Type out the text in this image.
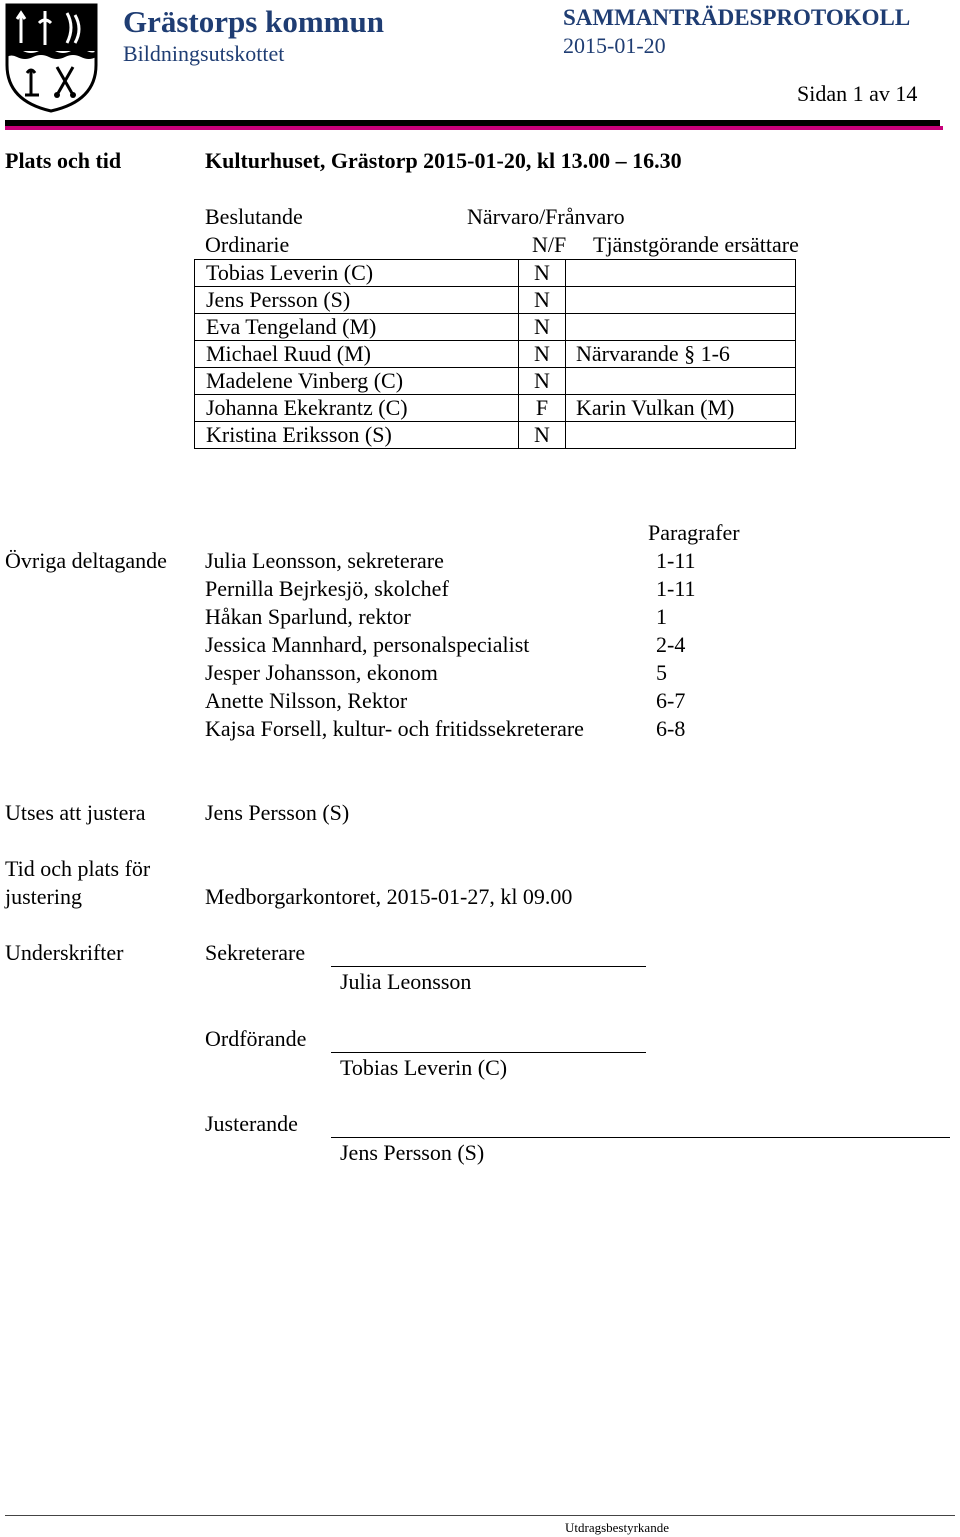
Grästorps kommun
Bildningsutskottet
SAMMANTRÄDESPROTOKOLL
2015-01-20
Sidan 1 av 14
Plats och tid	Kulturhuset, Grästorp 2015-01-20, kl 13.00 – 16.30
Beslutande	Närvaro/Frånvaro
Ordinarie	N/F Tjänstgörande ersättare
Tobias Leverin (C)	N	
Jens Persson (S)	N	
Eva Tengeland (M)	N	
Michael Ruud (M)	N	Närvarande § 1-6
Madelene Vinberg (C)	N	
Johanna Ekekrantz (C)	F	Karin Vulkan (M)
Kristina Eriksson (S)	N	
Paragrafer
Övriga deltagande Julia Leonsson, sekreterare	1-11
Pernilla Bejrkesjö, skolchef	1-11
Håkan Sparlund, rektor	1
Jessica Mannhard, personalspecialist	2-4
Jesper Johansson, ekonom	5
Anette Nilsson, Rektor	6-7
Kajsa Forsell, kultur- och fritidssekreterare	6-8
Utses att justera	Jens Persson (S)
Tid och plats för
justering	Medborgarkontoret, 2015-01-27, kl 09.00
Underskrifter	Sekreterare
Julia Leonsson
Ordförande
Tobias Leverin (C)
Justerande
Jens Persson (S)
Utdragsbestyrkande
